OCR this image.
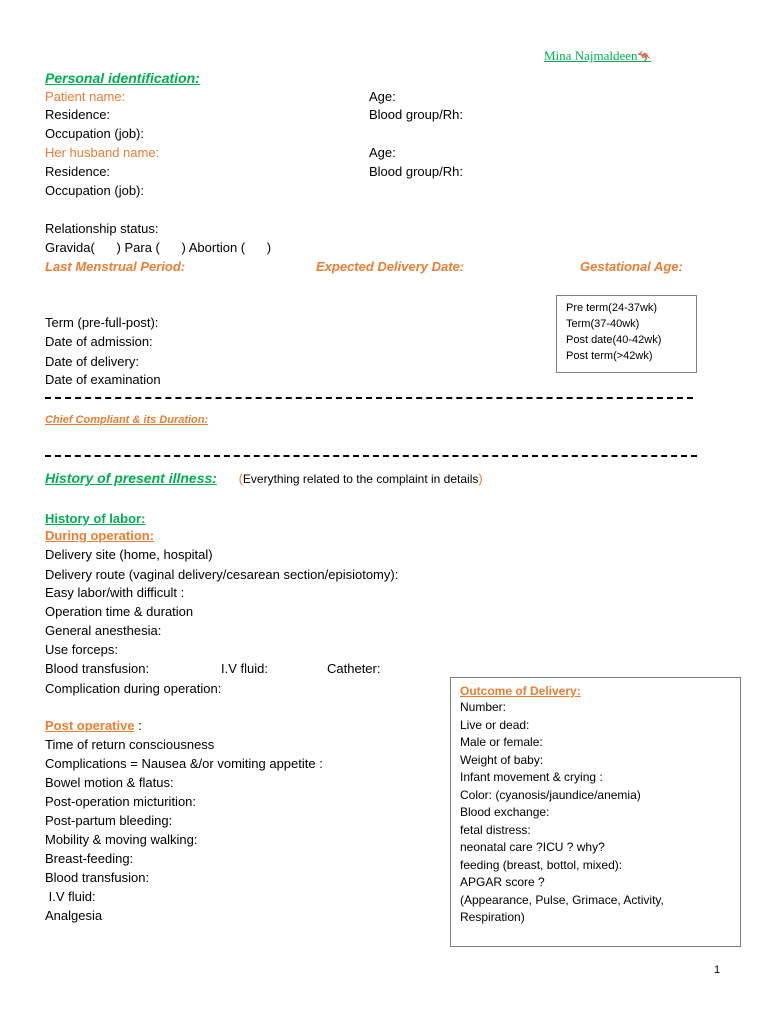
Mina Najmaldeen🦘
Personal identification:
Patient name:	Age:
Residence:	Blood group/Rh:
Occupation (job):
Her husband name:	Age:
Residence:	Blood group/Rh:
Occupation (job):
Relationship status:
Gravida(      ) Para (      ) Abortion (      )
Last Menstrual Period:	Expected Delivery Date:	Gestational Age:
Pre term(24-37wk)
Term(37-40wk)
Post date(40-42wk)
Post term(>42wk)
Term (pre-full-post):
Date of admission:
Date of delivery:
Date of examination
Chief Compliant & its Duration:
History of present illness: (Everything related to the complaint in details)
History of labor:
During operation:
Delivery site (home, hospital)
Delivery route (vaginal delivery/cesarean section/episiotomy):
Easy labor/with difficult :
Operation time & duration
General anesthesia:
Use forceps:
Blood transfusion:	I.V fluid:	Catheter:
Complication during operation:
Post operative :
Time of return consciousness
Complications = Nausea &/or vomiting appetite :
Bowel motion & flatus:
Post-operation micturition:
Post-partum bleeding:
Mobility & moving walking:
Breast-feeding:
Blood transfusion:
I.V fluid:
Analgesia
Outcome of Delivery:
Number:
Live or dead:
Male or female:
Weight of baby:
Infant movement & crying :
Color: (cyanosis/jaundice/anemia)
Blood exchange:
fetal distress:
neonatal care ?ICU ? why?
feeding (breast, bottol, mixed):
APGAR score ?
(Appearance, Pulse, Grimace, Activity,
Respiration)
1
